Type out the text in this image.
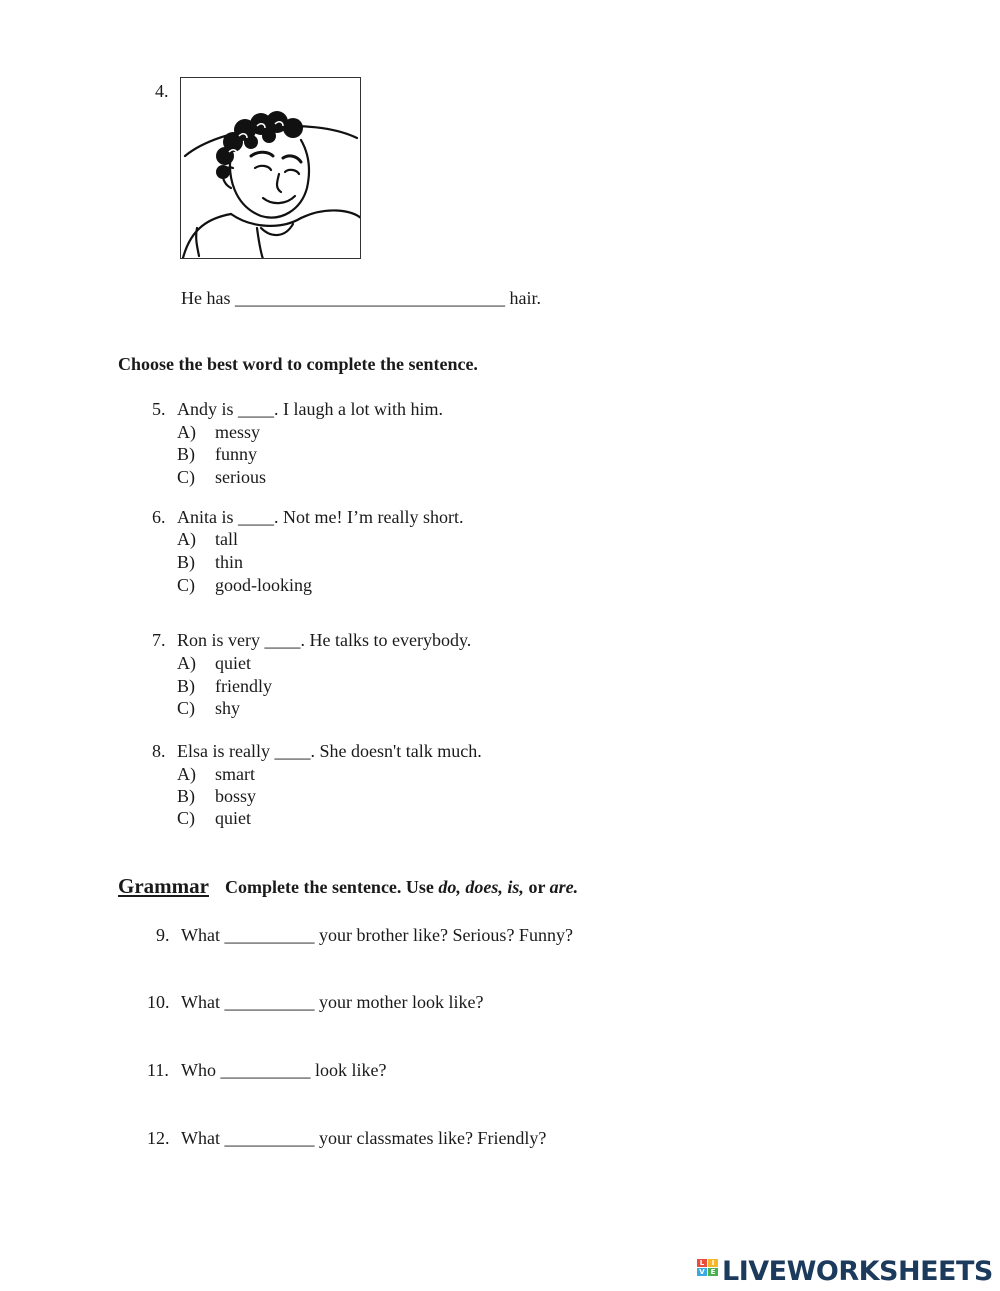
4.
He has ______________________________ hair.
Choose the best word to complete the sentence.
5. Andy is ____. I laugh a lot with him.
A) messy
B) funny
C) serious
6. Anita is ____. Not me! I’m really short.
A) tall
B) thin
C) good-looking
7. Ron is very ____. He talks to everybody.
A) quiet
B) friendly
C) shy
8. Elsa is really ____. She doesn't talk much.
A) smart
B) bossy
C) quiet
Grammar Complete the sentence. Use do, does, is, or are.
9. What __________ your brother like? Serious? Funny?
10. What __________ your mother look like?
11. Who __________ look like?
12. What __________ your classmates like? Friendly?
L	I
V E LIVEWORKSHEETS
